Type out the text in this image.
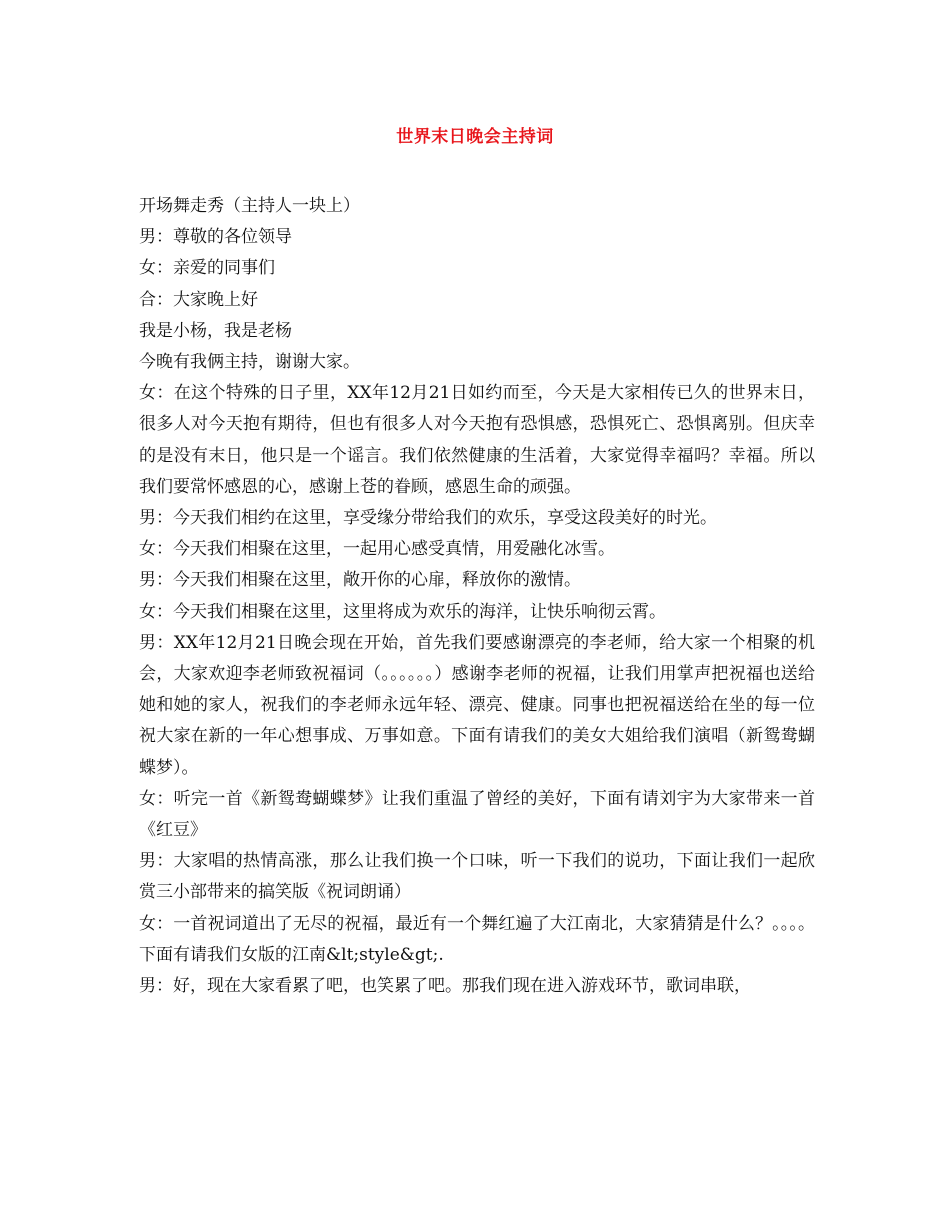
世界末日晚会主持词

开场舞走秀（主持人一块上）

男：尊敬的各位领导

女：亲爱的同事们

合：大家晚上好

我是小杨，我是老杨

今晚有我俩主持，谢谢大家。

女：在这个特殊的日子里，XX年12月21日如约而至，今天是大家相传已久的世界末日，很多人对今天抱有期待，但也有很多人对今天抱有恐惧感，恐惧死亡、恐惧离别。但庆幸的是没有末日，他只是一个谣言。我们依然健康的生活着，大家觉得幸福吗？幸福。所以我们要常怀感恩的心，感谢上苍的眷顾，感恩生命的顽强。

男：今天我们相约在这里，享受缘分带给我们的欢乐，享受这段美好的时光。

女：今天我们相聚在这里，一起用心感受真情，用爱融化冰雪。

男：今天我们相聚在这里，敞开你的心扉，释放你的激情。

女：今天我们相聚在这里，这里将成为欢乐的海洋，让快乐响彻云霄。

男：XX年12月21日晚会现在开始，首先我们要感谢漂亮的李老师，给大家一个相聚的机会，大家欢迎李老师致祝福词（。。。。。。）感谢李老师的祝福，让我们用掌声把祝福也送给她和她的家人，祝我们的李老师永远年轻、漂亮、健康。同事也把祝福送给在坐的每一位祝大家在新的一年心想事成、万事如意。下面有请我们的美女大姐给我们演唱（新鸳鸯蝴蝶梦）。

女：听完一首《新鸳鸯蝴蝶梦》让我们重温了曾经的美好，下面有请刘宇为大家带来一首《红豆》

男：大家唱的热情高涨，那么让我们换一个口味，听一下我们的说功，下面让我们一起欣赏三小部带来的搞笑版《祝词朗诵）

女：一首祝词道出了无尽的祝福，最近有一个舞红遍了大江南北，大家猜猜是什么？。。。。下面有请我们女版的江南&lt;style&gt;.

男：好，现在大家看累了吧，也笑累了吧。那我们现在进入游戏环节，歌词串联，
